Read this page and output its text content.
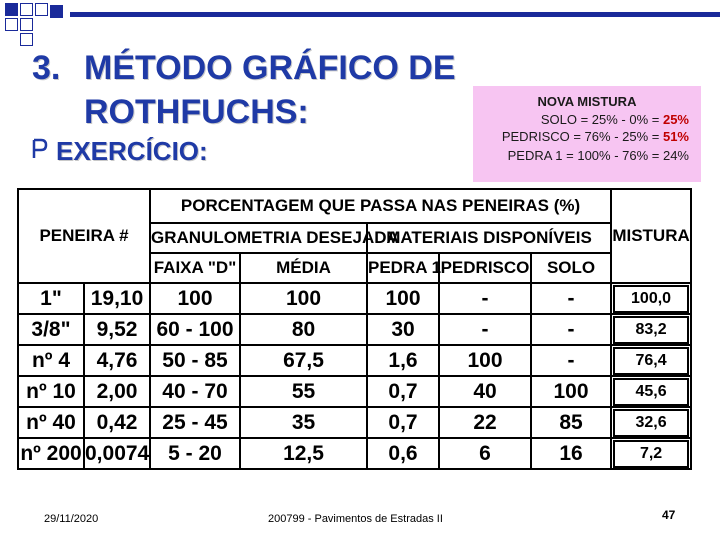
3. MÉTODO GRÁFICO DE
ROTHFUCHS:
EXERCÍCIO:
NOVA MISTURA
SOLO = 25% - 0% = 25%
PEDRISCO = 76% - 25% = 51%
PEDRA 1 = 100% - 76% = 24%
PENEIRA #		PORCENTAGEM QUE PASSA NAS PENEIRAS (%)					MISTURA
		GRANULOMETRIA DESEJADA		MATERIAIS DISPONÍVEIS			
		FAIXA "D"	MÉDIA	PEDRA 1	PEDRISCO	SOLO	
1"	19,10	100	100	100	-	-	100,0
3/8"	9,52	60 - 100	80	30	-	-	83,2
nº 4	4,76	50 - 85	67,5	1,6	100	-	76,4
nº 10	2,00	40 - 70	55	0,7	40	100	45,6
nº 40	0,42	25 - 45	35	0,7	22	85	32,6
nº 200	0,0074	5 - 20	12,5	0,6	6	16	7,2
29/11/2020	200799 - Pavimentos de Estradas II	47
